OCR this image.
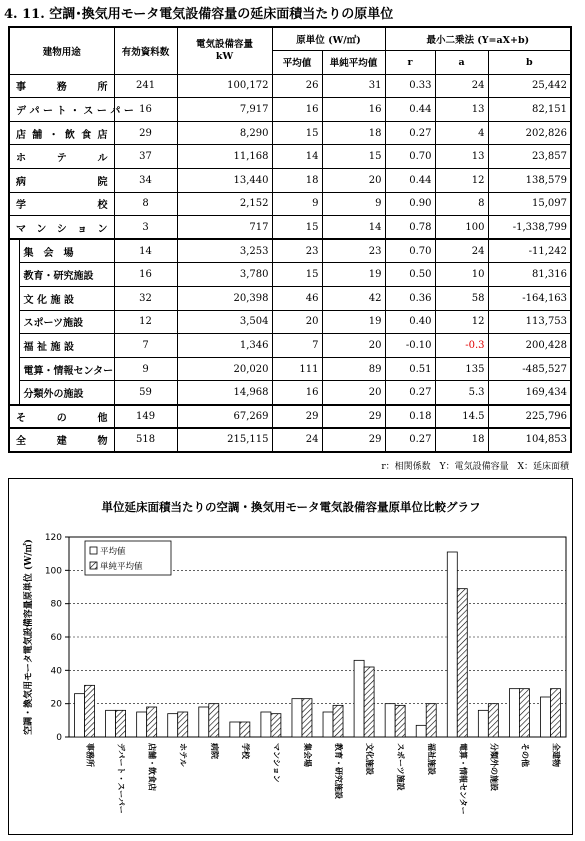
4. 11. 空調･換気用モータ電気設備容量の延床面積当たりの原単位
建物用途		有効資料数	電気設備容量
kW	原単位 (W/㎡)		最小二乗法 (Y=aX+b)		
				平均値	単純平均値	r	a	b
事　務　所		241	100,172	26	31	0.33	24	25,442
デ パ ー ト ・ ス ー パ ー		16	7,917	16	16	0.44	13	82,151
店舗・飲食店		29	8,290	15	18	0.27	4	202,826
ホ　テ　ル		37	11,168	14	15	0.70	13	23,857
病　　院		34	13,440	18	20	0.44	12	138,579
学　　校		8	2,152	9	9	0.90	8	15,097
マ ン シ ョ ン		3	717	15	14	0.78	100	-1,338,799
	集　会　場	14	3,253	23	23	0.70	24	-11,242
	教育・研究施設	16	3,780	15	19	0.50	10	81,316
	文 化 施 設	32	20,398	46	42	0.36	58	-164,163
	スポーツ施設	12	3,504	20	19	0.40	12	113,753
	福 祉 施 設	7	1,346	7	20	-0.10	-0.3	200,428
	電算・情報センター	9	20,020	111	89	0.51	135	-485,527
	分類外の施設	59	14,968	16	20	0.27	5.3	169,434
そ　の　他		149	67,269	29	29	0.18	14.5	225,796
全　建　物		518	215,115	24	29	0.27	18	104,853
r：相関係数　Y：電気設備容量　X：延床面積
単位延床面積当たりの空調・換気用モータ電気設備容量原単位比較グラフ
0
20
40
60
80
100
120
空調・換気用モータ電気設備容量原単位 (W/㎡)
事務所	デパート・スーパー	店舗・飲食店	ホテル	病院	学校	マンション	集会場	教育・研究施設	文化施設	スポーツ施設	福祉施設	電算・情報センター	分類外の施設	その他	全建物
平均値
単純平均値
